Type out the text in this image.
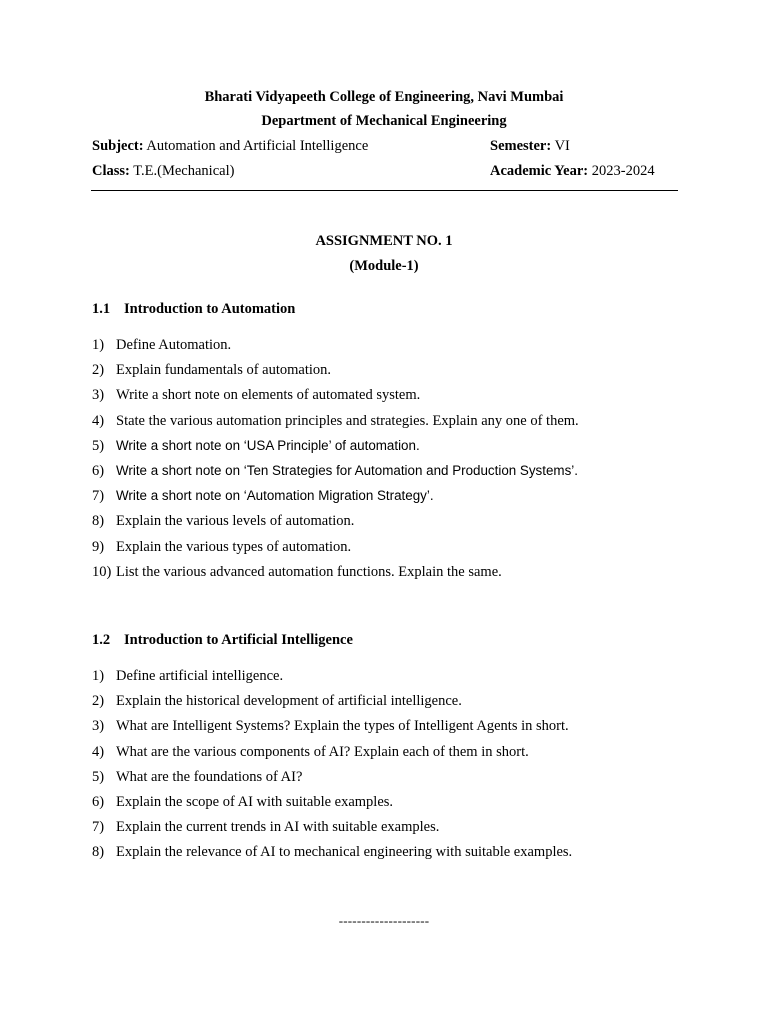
Bharati Vidyapeeth College of Engineering, Navi Mumbai
Department of Mechanical Engineering
Subject: Automation and Artificial Intelligence	Semester: VI
Class: T.E.(Mechanical)	Academic Year: 2023-2024
ASSIGNMENT NO. 1
(Module-1)
1.1 Introduction to Automation
1) Define Automation.
2) Explain fundamentals of automation.
3) Write a short note on elements of automated system.
4) State the various automation principles and strategies. Explain any one of them.
5) Write a short note on ‘USA Principle’ of automation.
6) Write a short note on ‘Ten Strategies for Automation and Production Systems’.
7) Write a short note on ‘Automation Migration Strategy’.
8) Explain the various levels of automation.
9) Explain the various types of automation.
10) List the various advanced automation functions. Explain the same.
1.2 Introduction to Artificial Intelligence
1) Define artificial intelligence.
2) Explain the historical development of artificial intelligence.
3) What are Intelligent Systems? Explain the types of Intelligent Agents in short.
4) What are the various components of AI? Explain each of them in short.
5) What are the foundations of AI?
6) Explain the scope of AI with suitable examples.
7) Explain the current trends in AI with suitable examples.
8) Explain the relevance of AI to mechanical engineering with suitable examples.
--------------------
